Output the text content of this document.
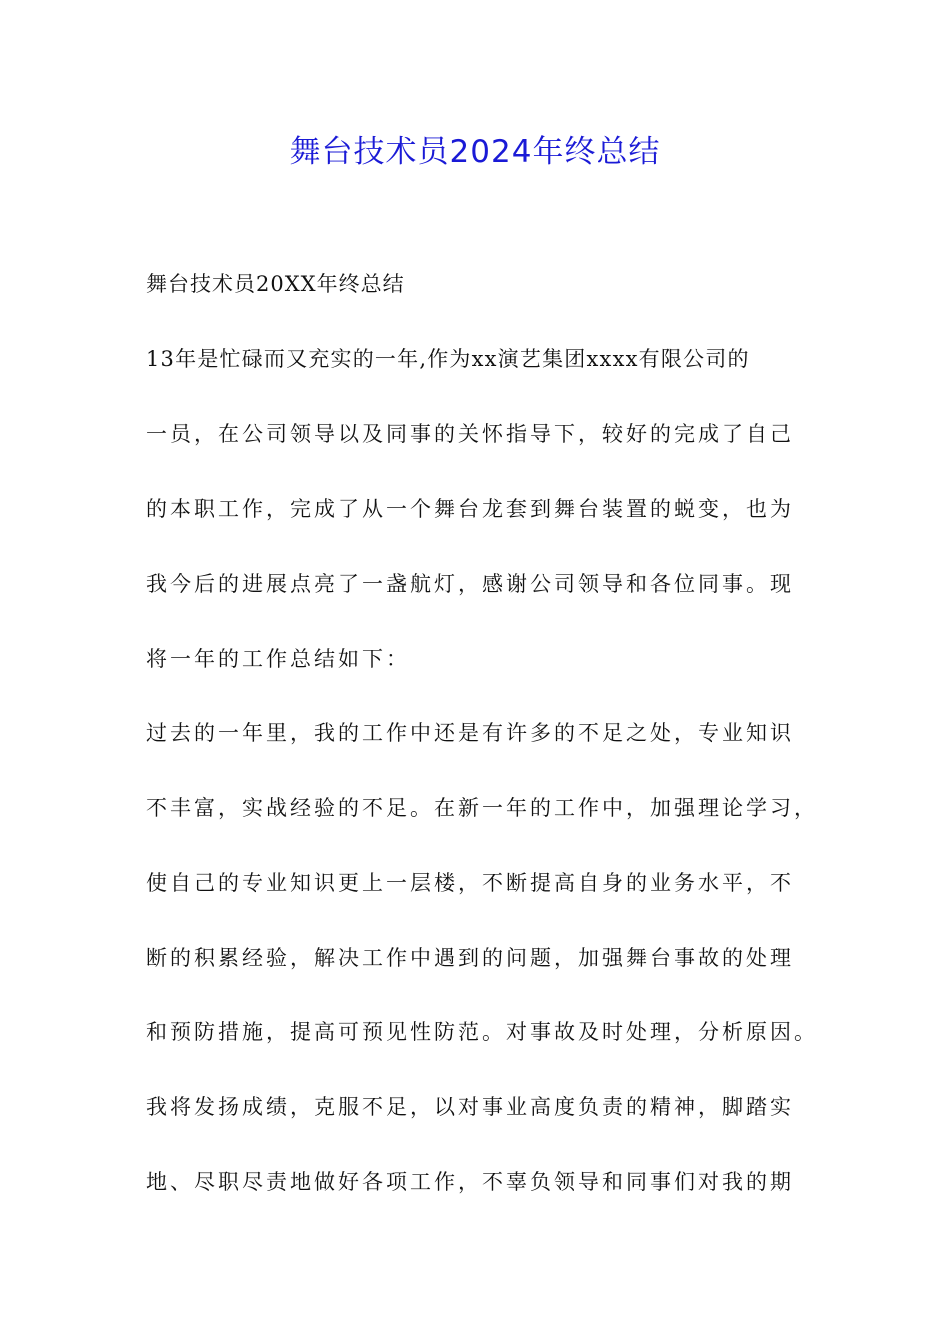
舞台技术员2024年终总结

舞台技术员20XX年终总结

13年是忙碌而又充实的一年,作为xx演艺集团xxxx有限公司的

一员，在公司领导以及同事的关怀指导下，较好的完成了自己

的本职工作，完成了从一个舞台龙套到舞台装置的蜕变，也为

我今后的进展点亮了一盏航灯，感谢公司领导和各位同事。现

将一年的工作总结如下：

过去的一年里，我的工作中还是有许多的不足之处，专业知识

不丰富，实战经验的不足。在新一年的工作中，加强理论学习，

使自己的专业知识更上一层楼，不断提高自身的业务水平，不

断的积累经验，解决工作中遇到的问题，加强舞台事故的处理

和预防措施，提高可预见性防范。对事故及时处理，分析原因。

我将发扬成绩，克服不足，以对事业高度负责的精神，脚踏实

地、尽职尽责地做好各项工作，不辜负领导和同事们对我的期
